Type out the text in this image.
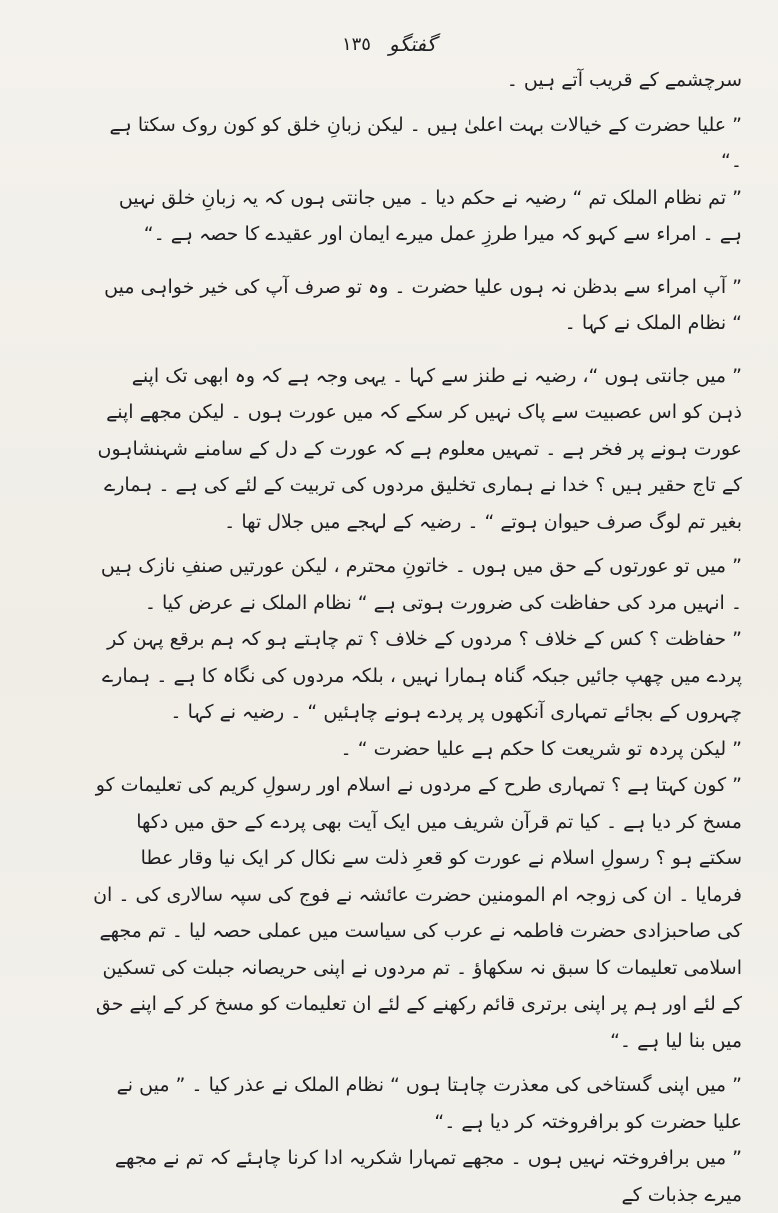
گفتگو
١٣٥

سرچشمے کے قریب آتے ہیں ۔

” علیا حضرت کے خیالات بہت اعلیٰ ہیں ۔ لیکن زبانِ خلق کو کون روک سکتا ہے ۔“

” تم نظام الملک تم “ رضیہ نے حکم دیا ۔ میں جانتی ہوں کہ یہ زبانِ خلق نہیں ہے ۔ امراء سے کہو کہ میرا طرزِ عمل میرے ایمان اور عقیدے کا حصہ ہے ۔“

” آپ امراء سے بدظن نہ ہوں علیا حضرت ۔ وہ تو صرف آپ کی خیر خواہی میں “ نظام الملک نے کہا ۔

” میں جانتی ہوں “، رضیہ نے طنز سے کہا ۔ یہی وجہ ہے کہ وہ ابھی تک اپنے ذہن کو اس عصبیت سے پاک نہیں کر سکے کہ میں عورت ہوں ۔ لیکن مجھے اپنے عورت ہونے پر فخر ہے ۔ تمہیں معلوم ہے کہ عورت کے دل کے سامنے شہنشاہوں کے تاج حقیر ہیں ؟ خدا نے ہماری تخلیق مردوں کی تربیت کے لئے کی ہے ۔ ہمارے بغیر تم لوگ صرف حیوان ہوتے “ ۔ رضیہ کے لہجے میں جلال تھا ۔

” میں تو عورتوں کے حق میں ہوں ۔ خاتونِ محترم ، لیکن عورتیں صنفِ نازک ہیں ۔ انہیں مرد کی حفاظت کی ضرورت ہوتی ہے “ نظام الملک نے عرض کیا ۔

” حفاظت ؟ کس کے خلاف ؟ مردوں کے خلاف ؟ تم چاہتے ہو کہ ہم برقع پہن کر پردے میں چھپ جائیں جبکہ گناہ ہمارا نہیں ، بلکہ مردوں کی نگاہ کا ہے ۔ ہمارے چہروں کے بجائے تمہاری آنکھوں پر پردے ہونے چاہئیں “ ۔ رضیہ نے کہا ۔

” لیکن پردہ تو شریعت کا حکم ہے علیا حضرت “ ۔

” کون کہتا ہے ؟ تمہاری طرح کے مردوں نے اسلام اور رسولِ کریم کی تعلیمات کو مسخ کر دیا ہے ۔ کیا تم قرآن شریف میں ایک آیت بھی پردے کے حق میں دکھا سکتے ہو ؟ رسولِ اسلام نے عورت کو قعرِ ذلت سے نکال کر ایک نیا وقار عطا فرمایا ۔ ان کی زوجہ ام المومنین حضرت عائشہ نے فوج کی سپہ سالاری کی ۔ ان کی صاحبزادی حضرت فاطمہ نے عرب کی سیاست میں عملی حصہ لیا ۔ تم مجھے اسلامی تعلیمات کا سبق نہ سکھاؤ ۔ تم مردوں نے اپنی حریصانہ جبلت کی تسکین کے لئے اور ہم پر اپنی برتری قائم رکھنے کے لئے ان تعلیمات کو مسخ کر کے اپنے حق میں بنا لیا ہے ۔“

” میں اپنی گستاخی کی معذرت چاہتا ہوں “ نظام الملک نے عذر کیا ۔ ” میں نے علیا حضرت کو برافروختہ کر دیا ہے ۔“

” میں برافروختہ نہیں ہوں ۔ مجھے تمہارا شکریہ ادا کرنا چاہئے کہ تم نے مجھے میرے جذبات کے
